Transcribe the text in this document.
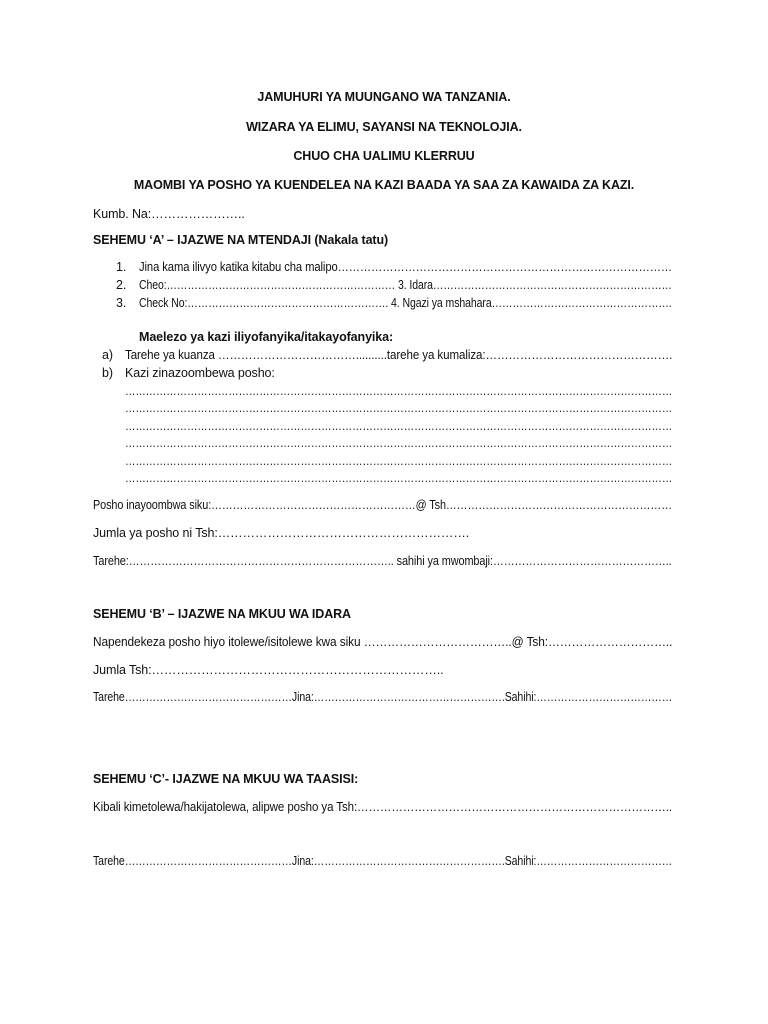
JAMUHURI YA MUUNGANO WA TANZANIA.
WIZARA YA ELIMU, SAYANSI NA TEKNOLOJIA.
CHUO CHA UALIMU KLERRUU
MAOMBI YA POSHO YA KUENDELEA NA KAZI BAADA YA SAA ZA KAWAIDA ZA KAZI.
Kumb. Na:…………………..
SEHEMU ‘A’ – IJAZWE NA MTENDAJI (Nakala tatu)
1. Jina kama ilivyo katika kitabu cha malipo………………………………………………………………………………
2. Cheo:………………………………………………………… 3. Idara……………………………………………………………
3. Check No:…………………………………………………. 4. Ngazi ya mshahara…………………………………………….
Maelezo ya kazi iliyofanyika/itakayofanyika:
a) Tarehe ya kuanza ………………………………..........tarehe ya kumaliza:………………………………………….
b) Kazi zinazoombewa posho:
……………………………………………………………………………………………………………………………………………
……………………………………………………………………………………………………………………………………………
……………………………………………………………………………………………………………………………………………
……………………………………………………………………………………………………………………………………………
……………………………………………………………………………………………………………………………………………
……………………………………………………………………………………………………………………………………………
Posho inayoombwa siku:…………………………………………………@ Tsh………………………………………………………
Jumla ya posho ni Tsh:…………………………………………………….
Tarehe:……………………………………………………………….. sahihi ya mwombaji:…………………………………………..
SEHEMU ‘B’ – IJAZWE NA MKUU WA IDARA
Napendekeza posho hiyo itolewe/isitolewe kwa siku ………………………………..@ Tsh:…………………………..
Jumla Tsh:……………………………………………………………..
Tarehe…………………………………………Jina:……………………………………………….Sahihi:…………………………………
SEHEMU ‘C’- IJAZWE NA MKUU WA TAASISI:
Kibali kimetolewa/hakijatolewa, alipwe posho ya Tsh:………………………………………………………………………..
Tarehe…………………………………………Jina:……………………………………………….Sahihi:…………………………………
